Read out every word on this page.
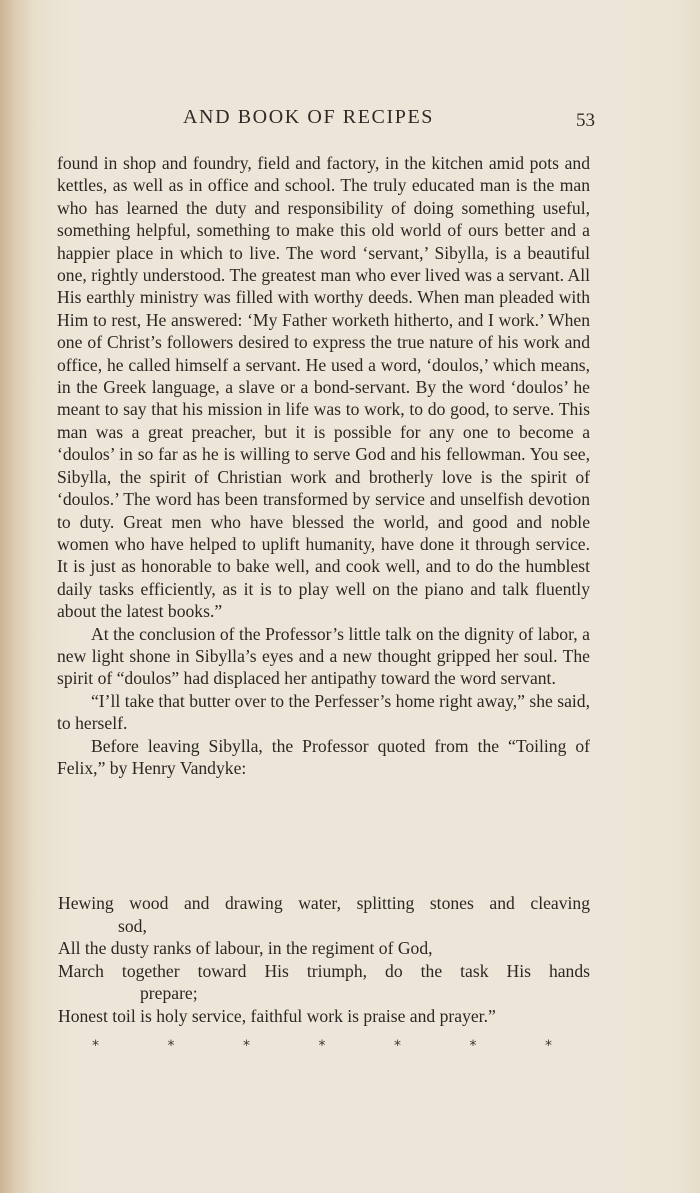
AND BOOK OF RECIPES	53

found in shop and foundry, field and factory, in the kitchen amid pots and kettles, as well as in office and school. The truly educated man is the man who has learned the duty and responsibility of doing something useful, something helpful, something to make this old world of ours better and a happier place in which to live. The word ‘servant,’ Sibylla, is a beautiful one, rightly understood. The greatest man who ever lived was a servant. All His earthly ministry was filled with worthy deeds. When man pleaded with Him to rest, He answered: ‘My Father worketh hitherto, and I work.’ When one of Christ’s followers desired to express the true nature of his work and office, he called himself a servant. He used a word, ‘doulos,’ which means, in the Greek language, a slave or a bond-servant. By the word ‘doulos’ he meant to say that his mission in life was to work, to do good, to serve. This man was a great preacher, but it is possible for any one to become a ‘doulos’ in so far as he is willing to serve God and his fellowman. You see, Sibylla, the spirit of Christian work and brotherly love is the spirit of ‘doulos.’ The word has been transformed by service and unselfish devotion to duty. Great men who have blessed the world, and good and noble women who have helped to uplift humanity, have done it through service. It is just as honorable to bake well, and cook well, and to do the humblest daily tasks efficiently, as it is to play well on the piano and talk fluently about the latest books.”

At the conclusion of the Professor’s little talk on the dignity of labor, a new light shone in Sibylla’s eyes and a new thought gripped her soul. The spirit of “doulos” had displaced her antipathy toward the word servant.

“I’ll take that butter over to the Perfesser’s home right away,” she said, to herself.

Before leaving Sibylla, the Professor quoted from the “Toiling of Felix,” by Henry Vandyke:

Hewing wood and drawing water, splitting stones and cleaving

sod,

All the dusty ranks of labour, in the regiment of God,

March together toward His triumph, do the task His hands

prepare;

Honest toil is holy service, faithful work is praise and prayer.”

*	*	*	*	*	*	*
